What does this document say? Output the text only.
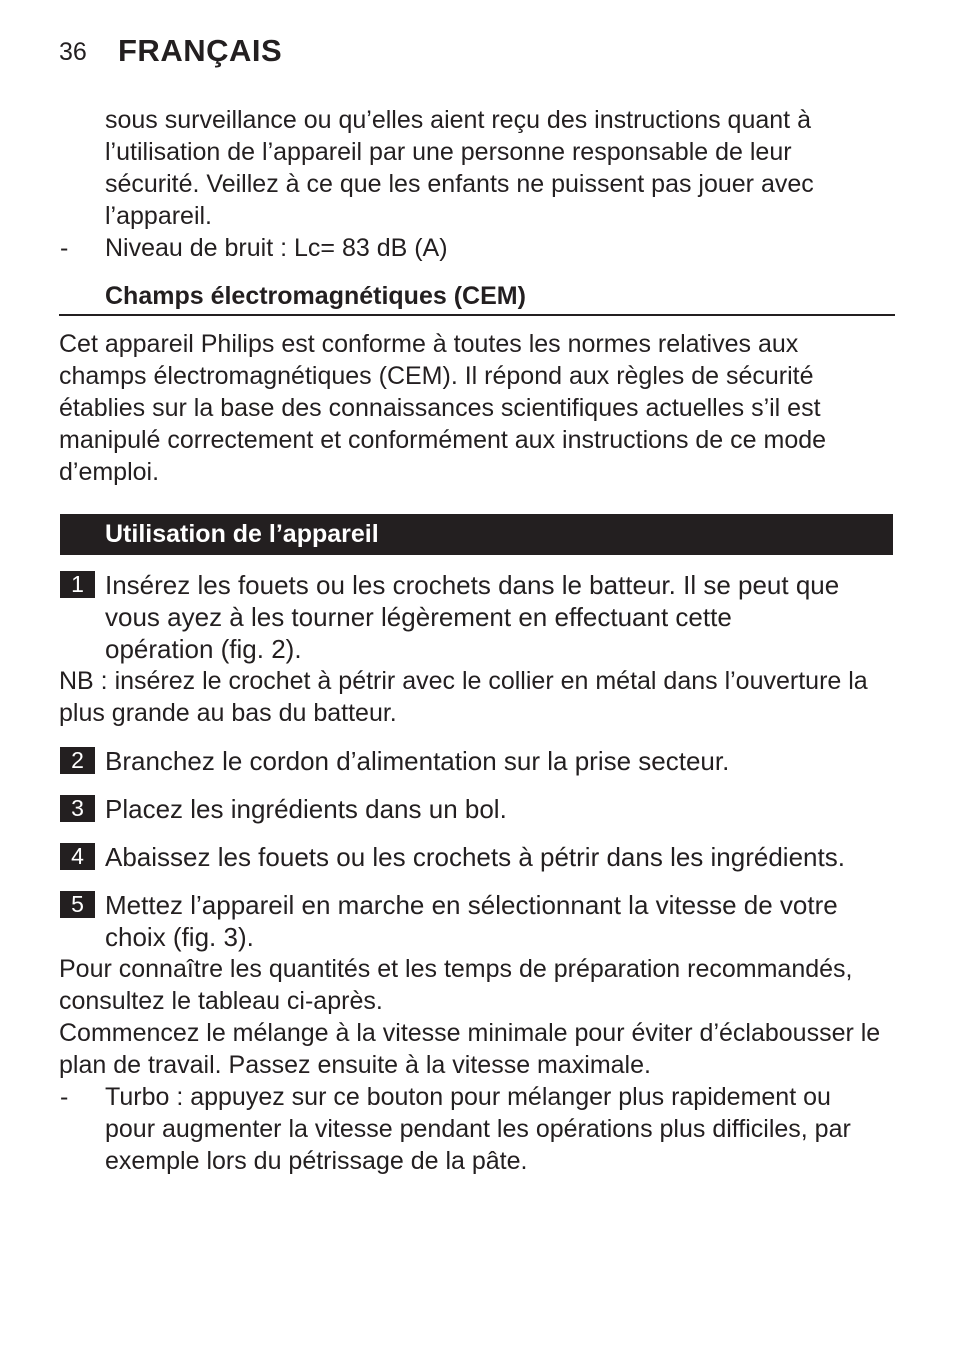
36 FRANÇAIS
sous surveillance ou qu’elles aient reçu des instructions quant à
l’utilisation de l’appareil par une personne responsable de leur
sécurité. Veillez à ce que les enfants ne puissent pas jouer avec
l’appareil.
- Niveau de bruit : Lc= 83 dB (A)
Champs électromagnétiques (CEM)
Cet appareil Philips est conforme à toutes les normes relatives aux
champs électromagnétiques (CEM). Il répond aux règles de sécurité
établies sur la base des connaissances scientifiques actuelles s’il est
manipulé correctement et conformément aux instructions de ce mode
d’emploi.
Utilisation de l’appareil
1 Insérez les fouets ou les crochets dans le batteur. Il se peut que
vous ayez à les tourner légèrement en effectuant cette
opération (fig. 2).
NB : insérez le crochet à pétrir avec le collier en métal dans l’ouverture la
plus grande au bas du batteur.
2 Branchez le cordon d’alimentation sur la prise secteur.
3 Placez les ingrédients dans un bol.
4 Abaissez les fouets ou les crochets à pétrir dans les ingrédients.
5 Mettez l’appareil en marche en sélectionnant la vitesse de votre
choix (fig. 3).
Pour connaître les quantités et les temps de préparation recommandés,
consultez le tableau ci-après.
Commencez le mélange à la vitesse minimale pour éviter d’éclabousser le
plan de travail. Passez ensuite à la vitesse maximale.
- Turbo : appuyez sur ce bouton pour mélanger plus rapidement ou
pour augmenter la vitesse pendant les opérations plus difficiles, par
exemple lors du pétrissage de la pâte.
